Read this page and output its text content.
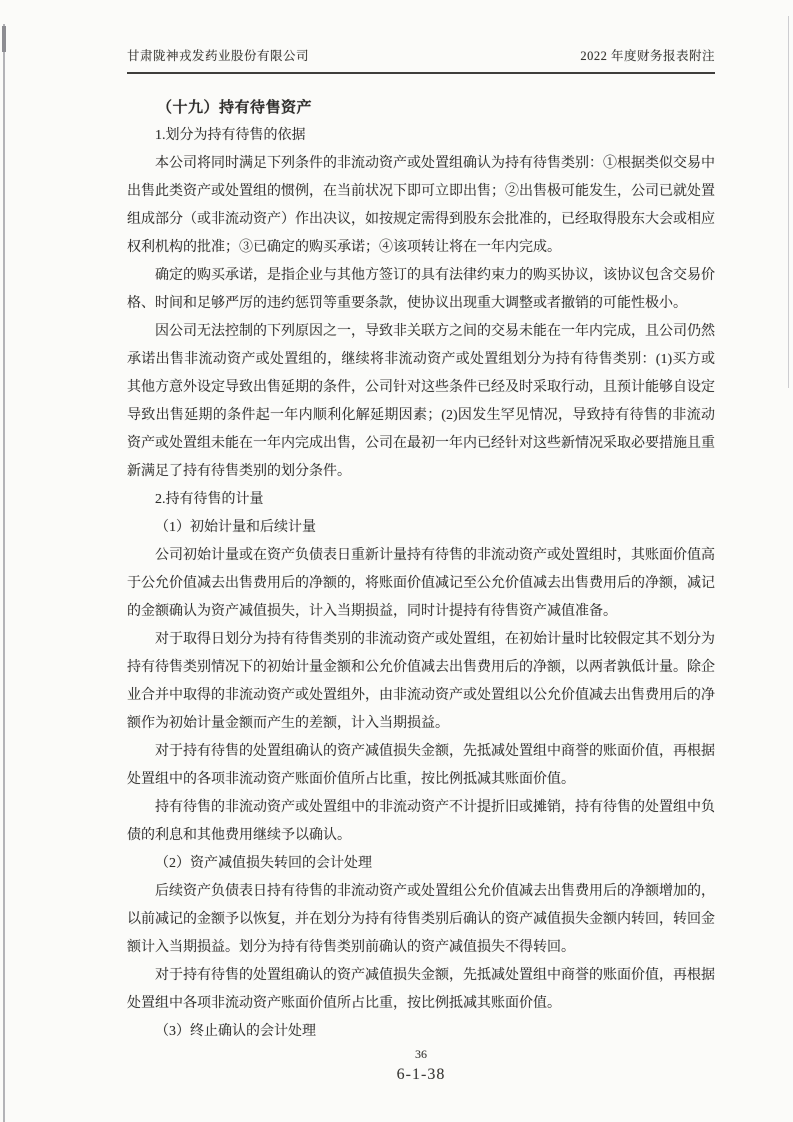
甘肃陇神戎发药业股份有限公司	2022 年度财务报表附注
（十九）持有待售资产

1.划分为持有待售的依据

本公司将同时满足下列条件的非流动资产或处置组确认为持有待售类别：①根据类似交易中出售此类资产或处置组的惯例，在当前状况下即可立即出售；②出售极可能发生，公司已就处置组成部分（或非流动资产）作出决议，如按规定需得到股东会批准的，已经取得股东大会或相应权利机构的批准；③已确定的购买承诺；④该项转让将在一年内完成。

确定的购买承诺，是指企业与其他方签订的具有法律约束力的购买协议，该协议包含交易价格、时间和足够严厉的违约惩罚等重要条款，使协议出现重大调整或者撤销的可能性极小。

因公司无法控制的下列原因之一，导致非关联方之间的交易未能在一年内完成，且公司仍然承诺出售非流动资产或处置组的，继续将非流动资产或处置组划分为持有待售类别：(1)买方或其他方意外设定导致出售延期的条件，公司针对这些条件已经及时采取行动，且预计能够自设定导致出售延期的条件起一年内顺利化解延期因素；(2)因发生罕见情况，导致持有待售的非流动资产或处置组未能在一年内完成出售，公司在最初一年内已经针对这些新情况采取必要措施且重新满足了持有待售类别的划分条件。

2.持有待售的计量

（1）初始计量和后续计量

公司初始计量或在资产负债表日重新计量持有待售的非流动资产或处置组时，其账面价值高于公允价值减去出售费用后的净额的，将账面价值减记至公允价值减去出售费用后的净额，减记的金额确认为资产减值损失，计入当期损益，同时计提持有待售资产减值准备。

对于取得日划分为持有待售类别的非流动资产或处置组，在初始计量时比较假定其不划分为持有待售类别情况下的初始计量金额和公允价值减去出售费用后的净额，以两者孰低计量。除企业合并中取得的非流动资产或处置组外，由非流动资产或处置组以公允价值减去出售费用后的净额作为初始计量金额而产生的差额，计入当期损益。

对于持有待售的处置组确认的资产减值损失金额，先抵减处置组中商誉的账面价值，再根据处置组中的各项非流动资产账面价值所占比重，按比例抵减其账面价值。

持有待售的非流动资产或处置组中的非流动资产不计提折旧或摊销，持有待售的处置组中负债的利息和其他费用继续予以确认。

（2）资产减值损失转回的会计处理

后续资产负债表日持有待售的非流动资产或处置组公允价值减去出售费用后的净额增加的，以前减记的金额予以恢复，并在划分为持有待售类别后确认的资产减值损失金额内转回，转回金额计入当期损益。划分为持有待售类别前确认的资产减值损失不得转回。

对于持有待售的处置组确认的资产减值损失金额，先抵减处置组中商誉的账面价值，再根据处置组中各项非流动资产账面价值所占比重，按比例抵减其账面价值。

（3）终止确认的会计处理

36
6-1-38
